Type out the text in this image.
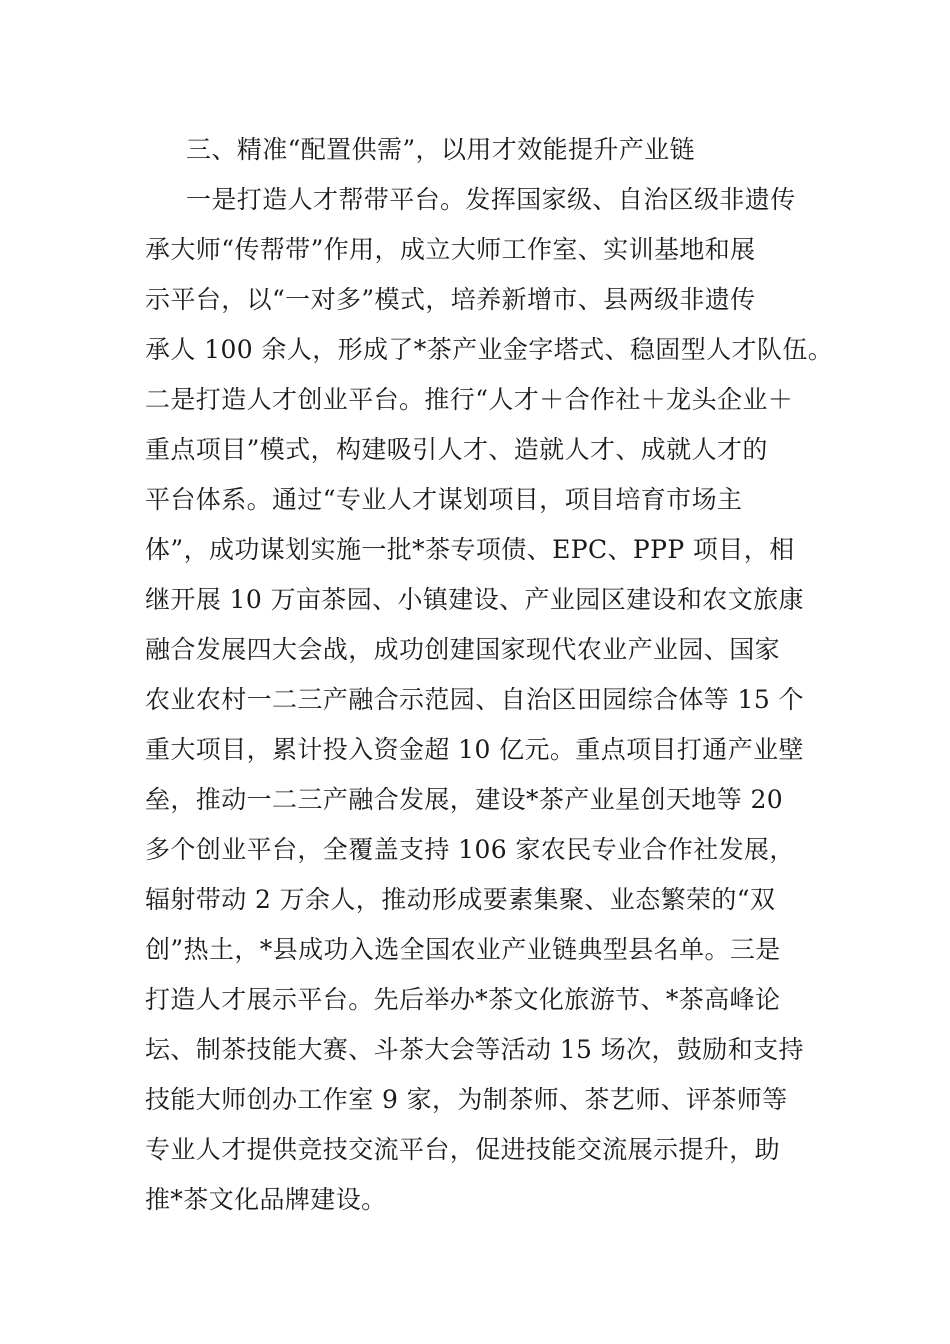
三、精准“配置供需”，以用才效能提升产业链
一是打造人才帮带平台。发挥国家级、自治区级非遗传
承大师“传帮带”作用，成立大师工作室、实训基地和展
示平台，以“一对多”模式，培养新增市、县两级非遗传
承人 100 余人，形成了*茶产业金字塔式、稳固型人才队伍。
二是打造人才创业平台。推行“人才＋合作社＋龙头企业＋
重点项目”模式，构建吸引人才、造就人才、成就人才的
平台体系。通过“专业人才谋划项目，项目培育市场主
体”，成功谋划实施一批*茶专项债、EPC、PPP 项目，相
继开展 10 万亩茶园、小镇建设、产业园区建设和农文旅康
融合发展四大会战，成功创建国家现代农业产业园、国家
农业农村一二三产融合示范园、自治区田园综合体等 15 个
重大项目，累计投入资金超 10 亿元。重点项目打通产业壁
垒，推动一二三产融合发展，建设*茶产业星创天地等 20
多个创业平台，全覆盖支持 106 家农民专业合作社发展，
辐射带动 2 万余人，推动形成要素集聚、业态繁荣的“双
创”热土，*县成功入选全国农业产业链典型县名单。三是
打造人才展示平台。先后举办*茶文化旅游节、*茶高峰论
坛、制茶技能大赛、斗茶大会等活动 15 场次，鼓励和支持
技能大师创办工作室 9 家，为制茶师、茶艺师、评茶师等
专业人才提供竞技交流平台，促进技能交流展示提升，助
推*茶文化品牌建设。
